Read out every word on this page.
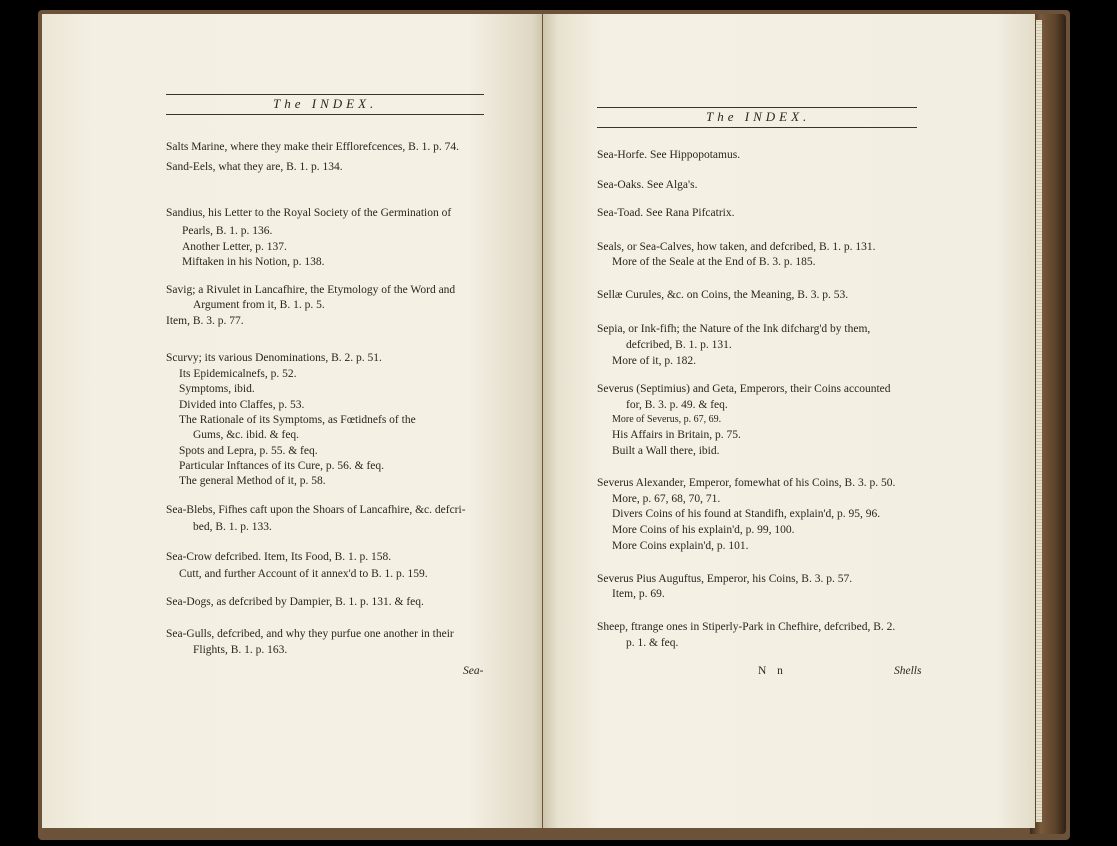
The INDEX.
Salts Marine, where they make their Efflorefcences, B. 1. p. 74.
Sand-Eels, what they are, B. 1. p. 134.
Sandius, his Letter to the Royal Society of the Germination of
Pearls, B. 1. p. 136.
Another Letter, p. 137.
Miftaken in his Notion, p. 138.
Savig; a Rivulet in Lancafhire, the Etymology of the Word and
Argument from it, B. 1. p. 5.
Item, B. 3. p. 77.
Scurvy; its various Denominations, B. 2. p. 51.
Its Epidemicalnefs, p. 52.
Symptoms, ibid.
Divided into Claffes, p. 53.
The Rationale of its Symptoms, as Fœtidnefs of the
Gums, &c. ibid. & feq.
Spots and Lepra, p. 55. & feq.
Particular Inftances of its Cure, p. 56. & feq.
The general Method of it, p. 58.
Sea-Blebs, Fifhes caft upon the Shoars of Lancafhire, &c. defcri-
bed, B. 1. p. 133.
Sea-Crow defcribed. Item, Its Food, B. 1. p. 158.
Cutt, and further Account of it annex'd to B. 1. p. 159.
Sea-Dogs, as defcribed by Dampier, B. 1. p. 131. & feq.
Sea-Gulls, defcribed, and why they purfue one another in their
Flights, B. 1. p. 163.
Sea-
The INDEX.
Sea-Horfe. See Hippopotamus.
Sea-Oaks. See Alga's.
Sea-Toad. See Rana Pifcatrix.
Seals, or Sea-Calves, how taken, and defcribed, B. 1. p. 131.
More of the Seale at the End of B. 3. p. 185.
Sellæ Curules, &c. on Coins, the Meaning, B. 3. p. 53.
Sepia, or Ink-fifh; the Nature of the Ink difcharg'd by them,
defcribed, B. 1. p. 131.
More of it, p. 182.
Severus (Septimius) and Geta, Emperors, their Coins accounted
for, B. 3. p. 49. & feq.
More of Severus, p. 67, 69.
His Affairs in Britain, p. 75.
Built a Wall there, ibid.
Severus Alexander, Emperor, fomewhat of his Coins, B. 3. p. 50.
More, p. 67, 68, 70, 71.
Divers Coins of his found at Standifh, explain'd, p. 95, 96.
More Coins of his explain'd, p. 99, 100.
More Coins explain'd, p. 101.
Severus Pius Auguftus, Emperor, his Coins, B. 3. p. 57.
Item, p. 69.
Sheep, ftrange ones in Stiperly-Park in Chefhire, defcribed, B. 2.
p. 1. & feq.
N n	Shells
